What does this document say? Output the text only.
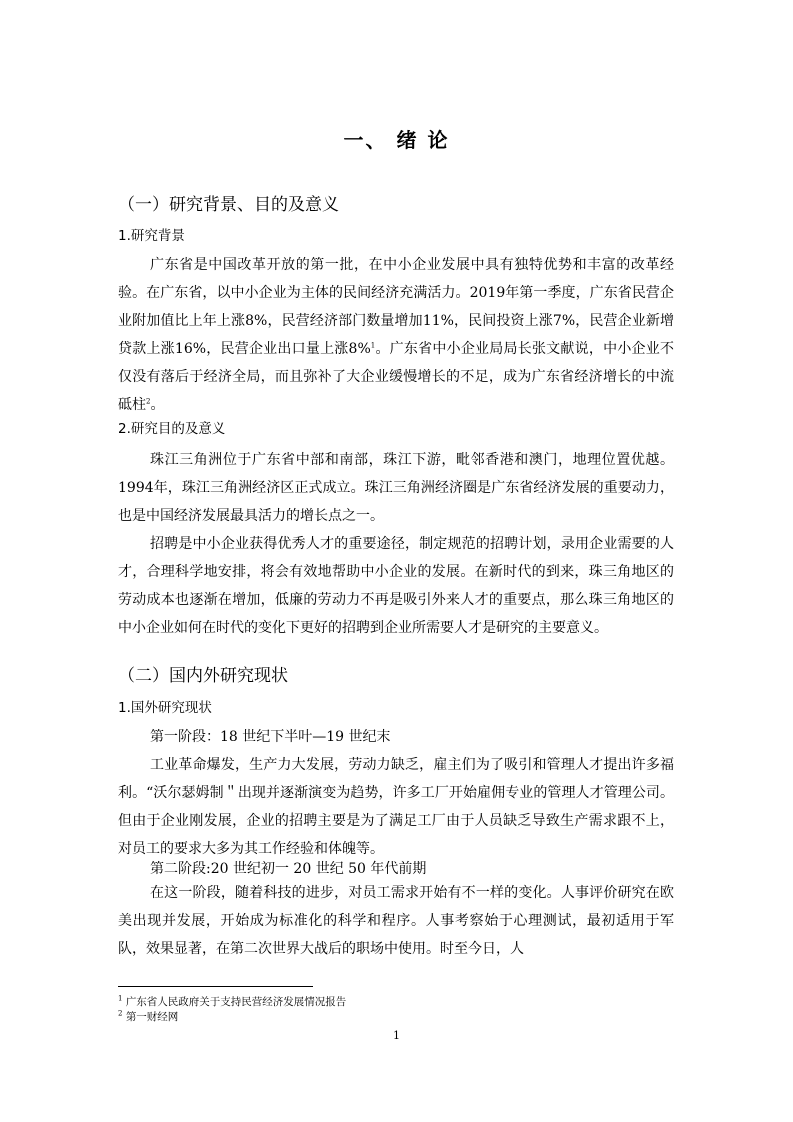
一、 绪 论
（一）研究背景、目的及意义
1.研究背景
广东省是中国改革开放的第一批，在中小企业发展中具有独特优势和丰富的改革经验。在广东省，以中小企业为主体的民间经济充满活力。2019年第一季度，广东省民营企业附加值比上年上涨8%，民营经济部门数量增加11%，民间投资上涨7%，民营企业新增贷款上涨16%，民营企业出口量上涨8%$^1$。广东省中小企业局局长张文献说，中小企业不仅没有落后于经济全局，而且弥补了大企业缓慢增长的不足，成为广东省经济增长的中流砥柱$^2$。
2.研究目的及意义
珠江三角洲位于广东省中部和南部，珠江下游，毗邻香港和澳门，地理位置优越。1994年，珠江三角洲经济区正式成立。珠江三角洲经济圈是广东省经济发展的重要动力，也是中国经济发展最具活力的增长点之一。
招聘是中小企业获得优秀人才的重要途径，制定规范的招聘计划，录用企业需要的人才，合理科学地安排，将会有效地帮助中小企业的发展。在新时代的到来，珠三角地区的劳动成本也逐渐在增加，低廉的劳动力不再是吸引外来人才的重要点，那么珠三角地区的中小企业如何在时代的变化下更好的招聘到企业所需要人才是研究的主要意义。
（二）国内外研究现状
1.国外研究现状
第一阶段：18 世纪下半叶—19 世纪末
工业革命爆发，生产力大发展，劳动力缺乏，雇主们为了吸引和管理人才提出许多福利。“沃尔瑟姆制＂出现并逐渐演变为趋势，许多工厂开始雇佣专业的管理人才管理公司。但由于企业刚发展，企业的招聘主要是为了满足工厂由于人员缺乏导致生产需求跟不上，对员工的要求大多为其工作经验和体魄等。
第二阶段:20 世纪初一 20 世纪 50 年代前期
在这一阶段，随着科技的进步，对员工需求开始有不一样的变化。人事评价研究在欧美出现并发展，开始成为标准化的科学和程序。人事考察始于心理测试，最初适用于军队，效果显著，在第二次世界大战后的职场中使用。时至今日，人
$^1$ 广东省人民政府关于支持民营经济发展情况报告
$^2$ 第一财经网
1
